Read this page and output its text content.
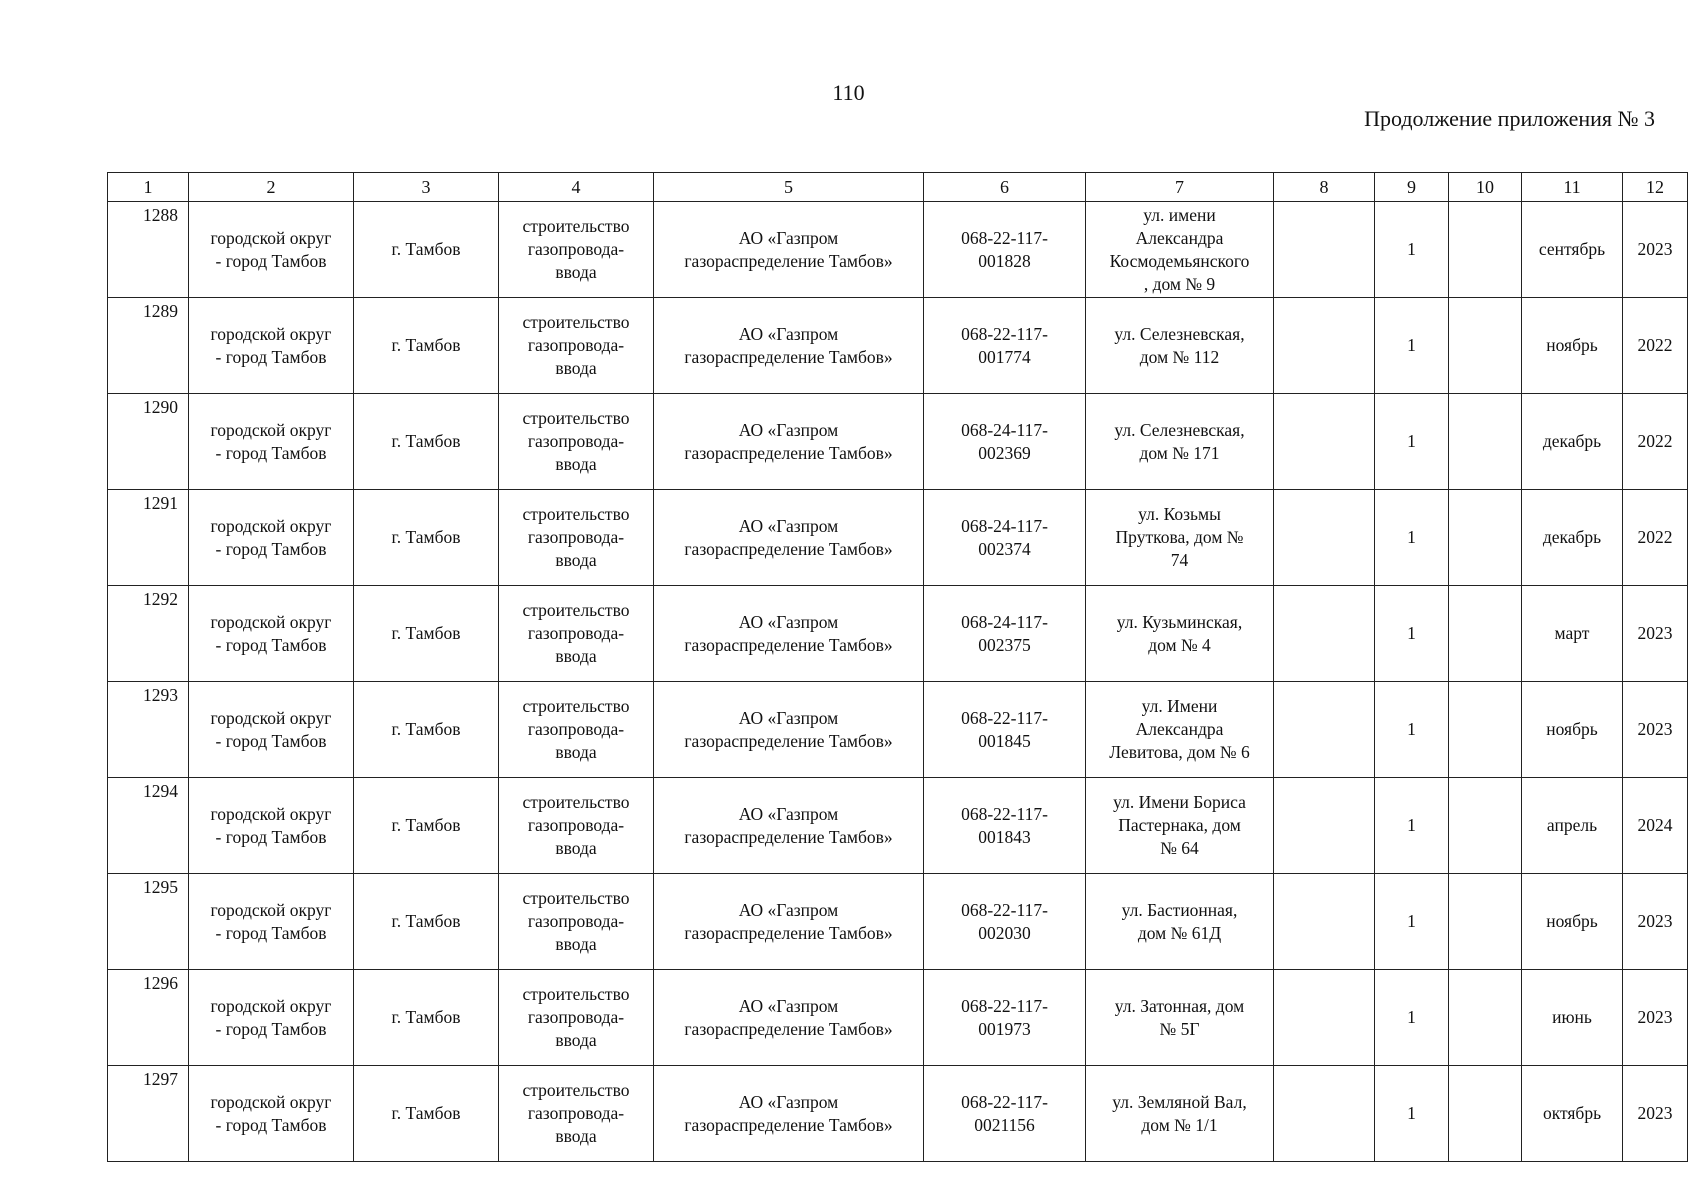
110
Продолжение приложения № 3
1	2	3	4	5	6	7	8	9	10	11	12
1288	городской округ
- город Тамбов	г. Тамбов	строительство
газопровода-
ввода	АО «Газпром
газораспределение Тамбов»	068-22-117-
001828	ул. имени
Александра
Космодемьянского
, дом № 9		1		сентябрь	2023
1289	городской округ
- город Тамбов	г. Тамбов	строительство
газопровода-
ввода	АО «Газпром
газораспределение Тамбов»	068-22-117-
001774	ул. Селезневская,
дом № 112		1		ноябрь	2022
1290	городской округ
- город Тамбов	г. Тамбов	строительство
газопровода-
ввода	АО «Газпром
газораспределение Тамбов»	068-24-117-
002369	ул. Селезневская,
дом № 171		1		декабрь	2022
1291	городской округ
- город Тамбов	г. Тамбов	строительство
газопровода-
ввода	АО «Газпром
газораспределение Тамбов»	068-24-117-
002374	ул. Козьмы
Пруткова, дом №
74		1		декабрь	2022
1292	городской округ
- город Тамбов	г. Тамбов	строительство
газопровода-
ввода	АО «Газпром
газораспределение Тамбов»	068-24-117-
002375	ул. Кузьминская,
дом № 4		1		март	2023
1293	городской округ
- город Тамбов	г. Тамбов	строительство
газопровода-
ввода	АО «Газпром
газораспределение Тамбов»	068-22-117-
001845	ул. Имени
Александра
Левитова, дом № 6		1		ноябрь	2023
1294	городской округ
- город Тамбов	г. Тамбов	строительство
газопровода-
ввода	АО «Газпром
газораспределение Тамбов»	068-22-117-
001843	ул. Имени Бориса
Пастернака, дом
№ 64		1		апрель	2024
1295	городской округ
- город Тамбов	г. Тамбов	строительство
газопровода-
ввода	АО «Газпром
газораспределение Тамбов»	068-22-117-
002030	ул. Бастионная,
дом № 61Д		1		ноябрь	2023
1296	городской округ
- город Тамбов	г. Тамбов	строительство
газопровода-
ввода	АО «Газпром
газораспределение Тамбов»	068-22-117-
001973	ул. Затонная, дом
№ 5Г		1		июнь	2023
1297	городской округ
- город Тамбов	г. Тамбов	строительство
газопровода-
ввода	АО «Газпром
газораспределение Тамбов»	068-22-117-
0021156	ул. Земляной Вал,
дом № 1/1		1		октябрь	2023
